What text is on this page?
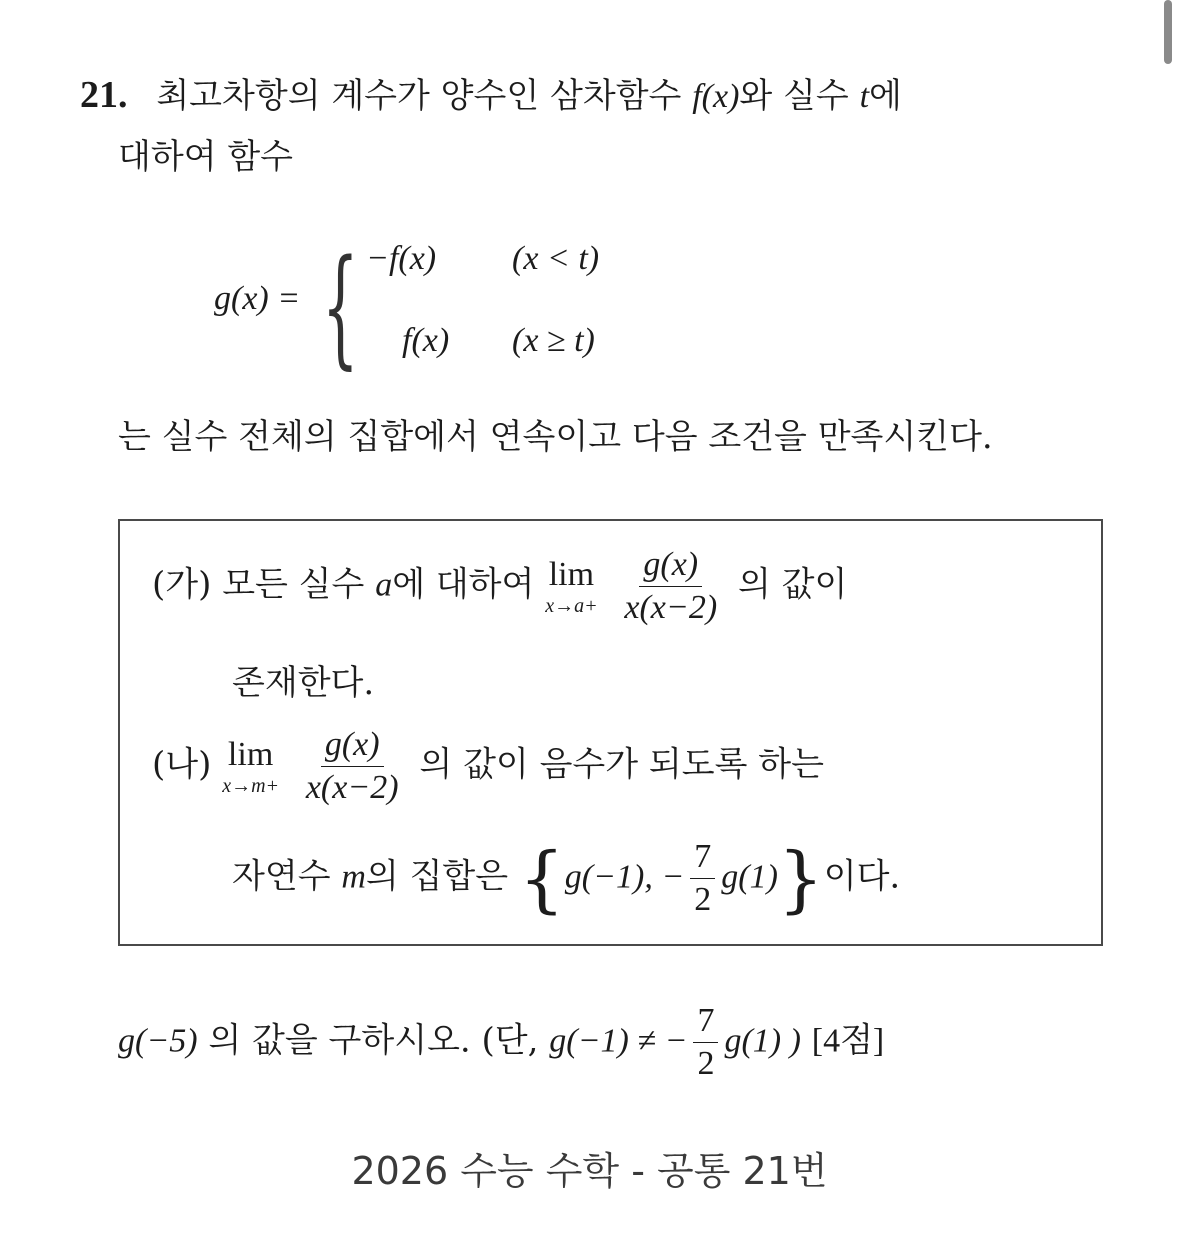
21. 최고차항의 계수가 양수인 삼차함수 f(x)와 실수 t에
대하여 함수
g(x) = { −f(x) (x < t)
f(x) (x ≥ t)
는 실수 전체의 집합에서 연속이고 다음 조건을 만족시킨다.
(가) 모든 실수 a에 대하여 lim
x→a+
$\frac{g(x)}{x(x-2)}$ 의 값이
존재한다.
(나) lim
x→m+
$\frac{g(x)}{x(x-2)}$ 의 값이 음수가 되도록 하는
자연수 m의 집합은 {g(−1), − $\frac{7}{2} g(1)$}이다.
g(−5) 의 값을 구하시오. (단, g(−1) ≠ − $\frac{7}{2} g(1)$ ) [4점]
2026 수능 수학 - 공통 21번
